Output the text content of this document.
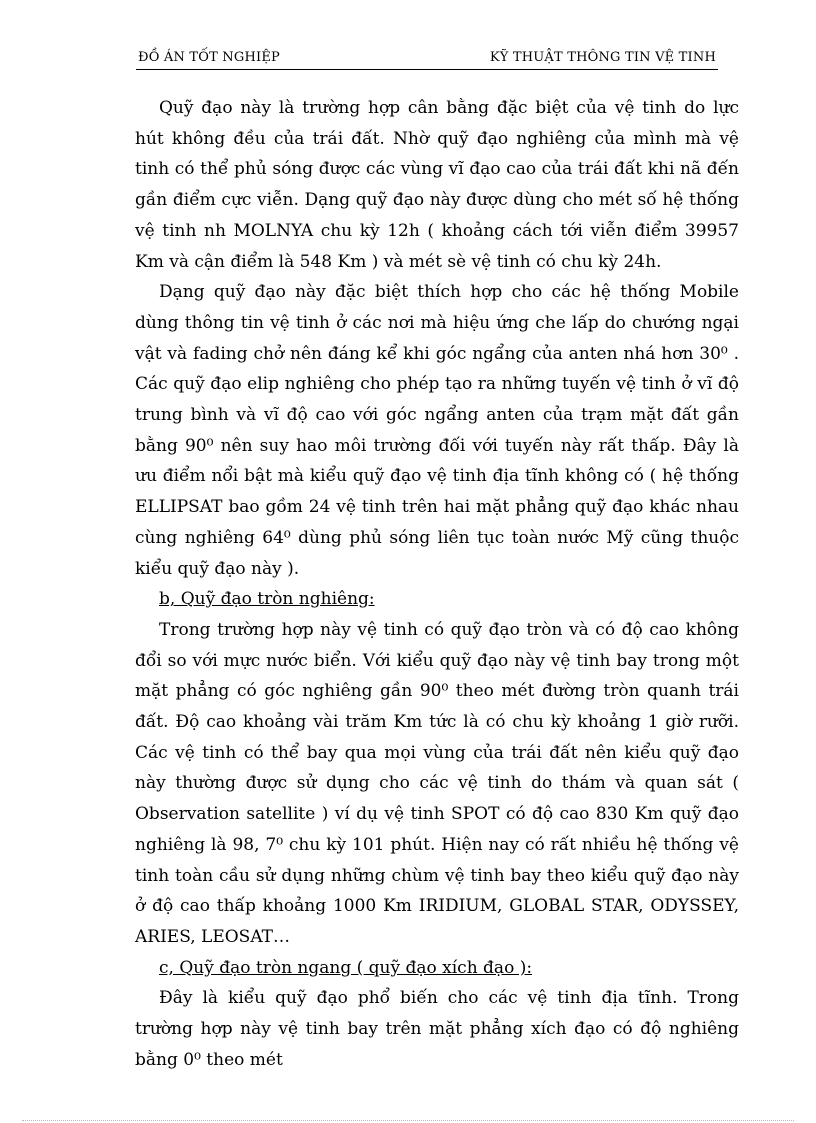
ĐỒ ÁN TỐT NGHIỆP	KỸ THUẬT THÔNG TIN VỆ TINH

Quỹ đạo này là trường hợp cân bằng đặc biệt của vệ tinh do lực hút không đều của trái đất. Nhờ quỹ đạo nghiêng của mình mà vệ tinh có thể phủ sóng được các vùng vĩ đạo cao của trái đất khi nã đến gần điểm cực viễn. Dạng quỹ đạo này được dùng cho mét số hệ thống vệ tinh nh MOLNYA chu kỳ 12h ( khoảng cách tới viễn điểm 39957 Km và cận điểm là 548 Km ) và mét sè vệ tinh có chu kỳ 24h.

Dạng quỹ đạo này đặc biệt thích hợp cho các hệ thống Mobile dùng thông tin vệ tinh ở các nơi mà hiệu ứng che lấp do chướng ngại vật và fading chở nên đáng kể khi góc ngẩng của anten nhá hơn 30⁰ . Các quỹ đạo elip nghiêng cho phép tạo ra những tuyến vệ tinh ở vĩ độ trung bình và vĩ độ cao với góc ngẩng anten của trạm mặt đất gần bằng 90⁰ nên suy hao môi trường đối với tuyến này rất thấp. Đây là ưu điểm nổi bật mà kiểu quỹ đạo vệ tinh địa tĩnh không có ( hệ thống ELLIPSAT bao gồm 24 vệ tinh trên hai mặt phẳng quỹ đạo khác nhau cùng nghiêng 64⁰ dùng phủ sóng liên tục toàn nước Mỹ cũng thuộc kiểu quỹ đạo này ).

b, Quỹ đạo tròn nghiêng:

Trong trường hợp này vệ tinh có quỹ đạo tròn và có độ cao không đổi so với mực nước biển. Với kiểu quỹ đạo này vệ tinh bay trong một mặt phẳng có góc nghiêng gần 90⁰ theo mét đường tròn quanh trái đất. Độ cao khoảng vài trăm Km tức là có chu kỳ khoảng 1 giờ rưỡi. Các vệ tinh có thể bay qua mọi vùng của trái đất nên kiểu quỹ đạo này thường được sử dụng cho các vệ tinh do thám và quan sát ( Observation satellite ) ví dụ vệ tinh SPOT có độ cao 830 Km quỹ đạo nghiêng là 98, 7⁰ chu kỳ 101 phút. Hiện nay có rất nhiều hệ thống vệ tinh toàn cầu sử dụng những chùm vệ tinh bay theo kiểu quỹ đạo này ở độ cao thấp khoảng 1000 Km IRIDIUM, GLOBAL STAR, ODYSSEY, ARIES, LEOSAT…

c, Quỹ đạo tròn ngang ( quỹ đạo xích đạo ):

Đây là kiểu quỹ đạo phổ biến cho các vệ tinh địa tĩnh. Trong trường hợp này vệ tinh bay trên mặt phẳng xích đạo có độ nghiêng bằng 0⁰ theo mét
